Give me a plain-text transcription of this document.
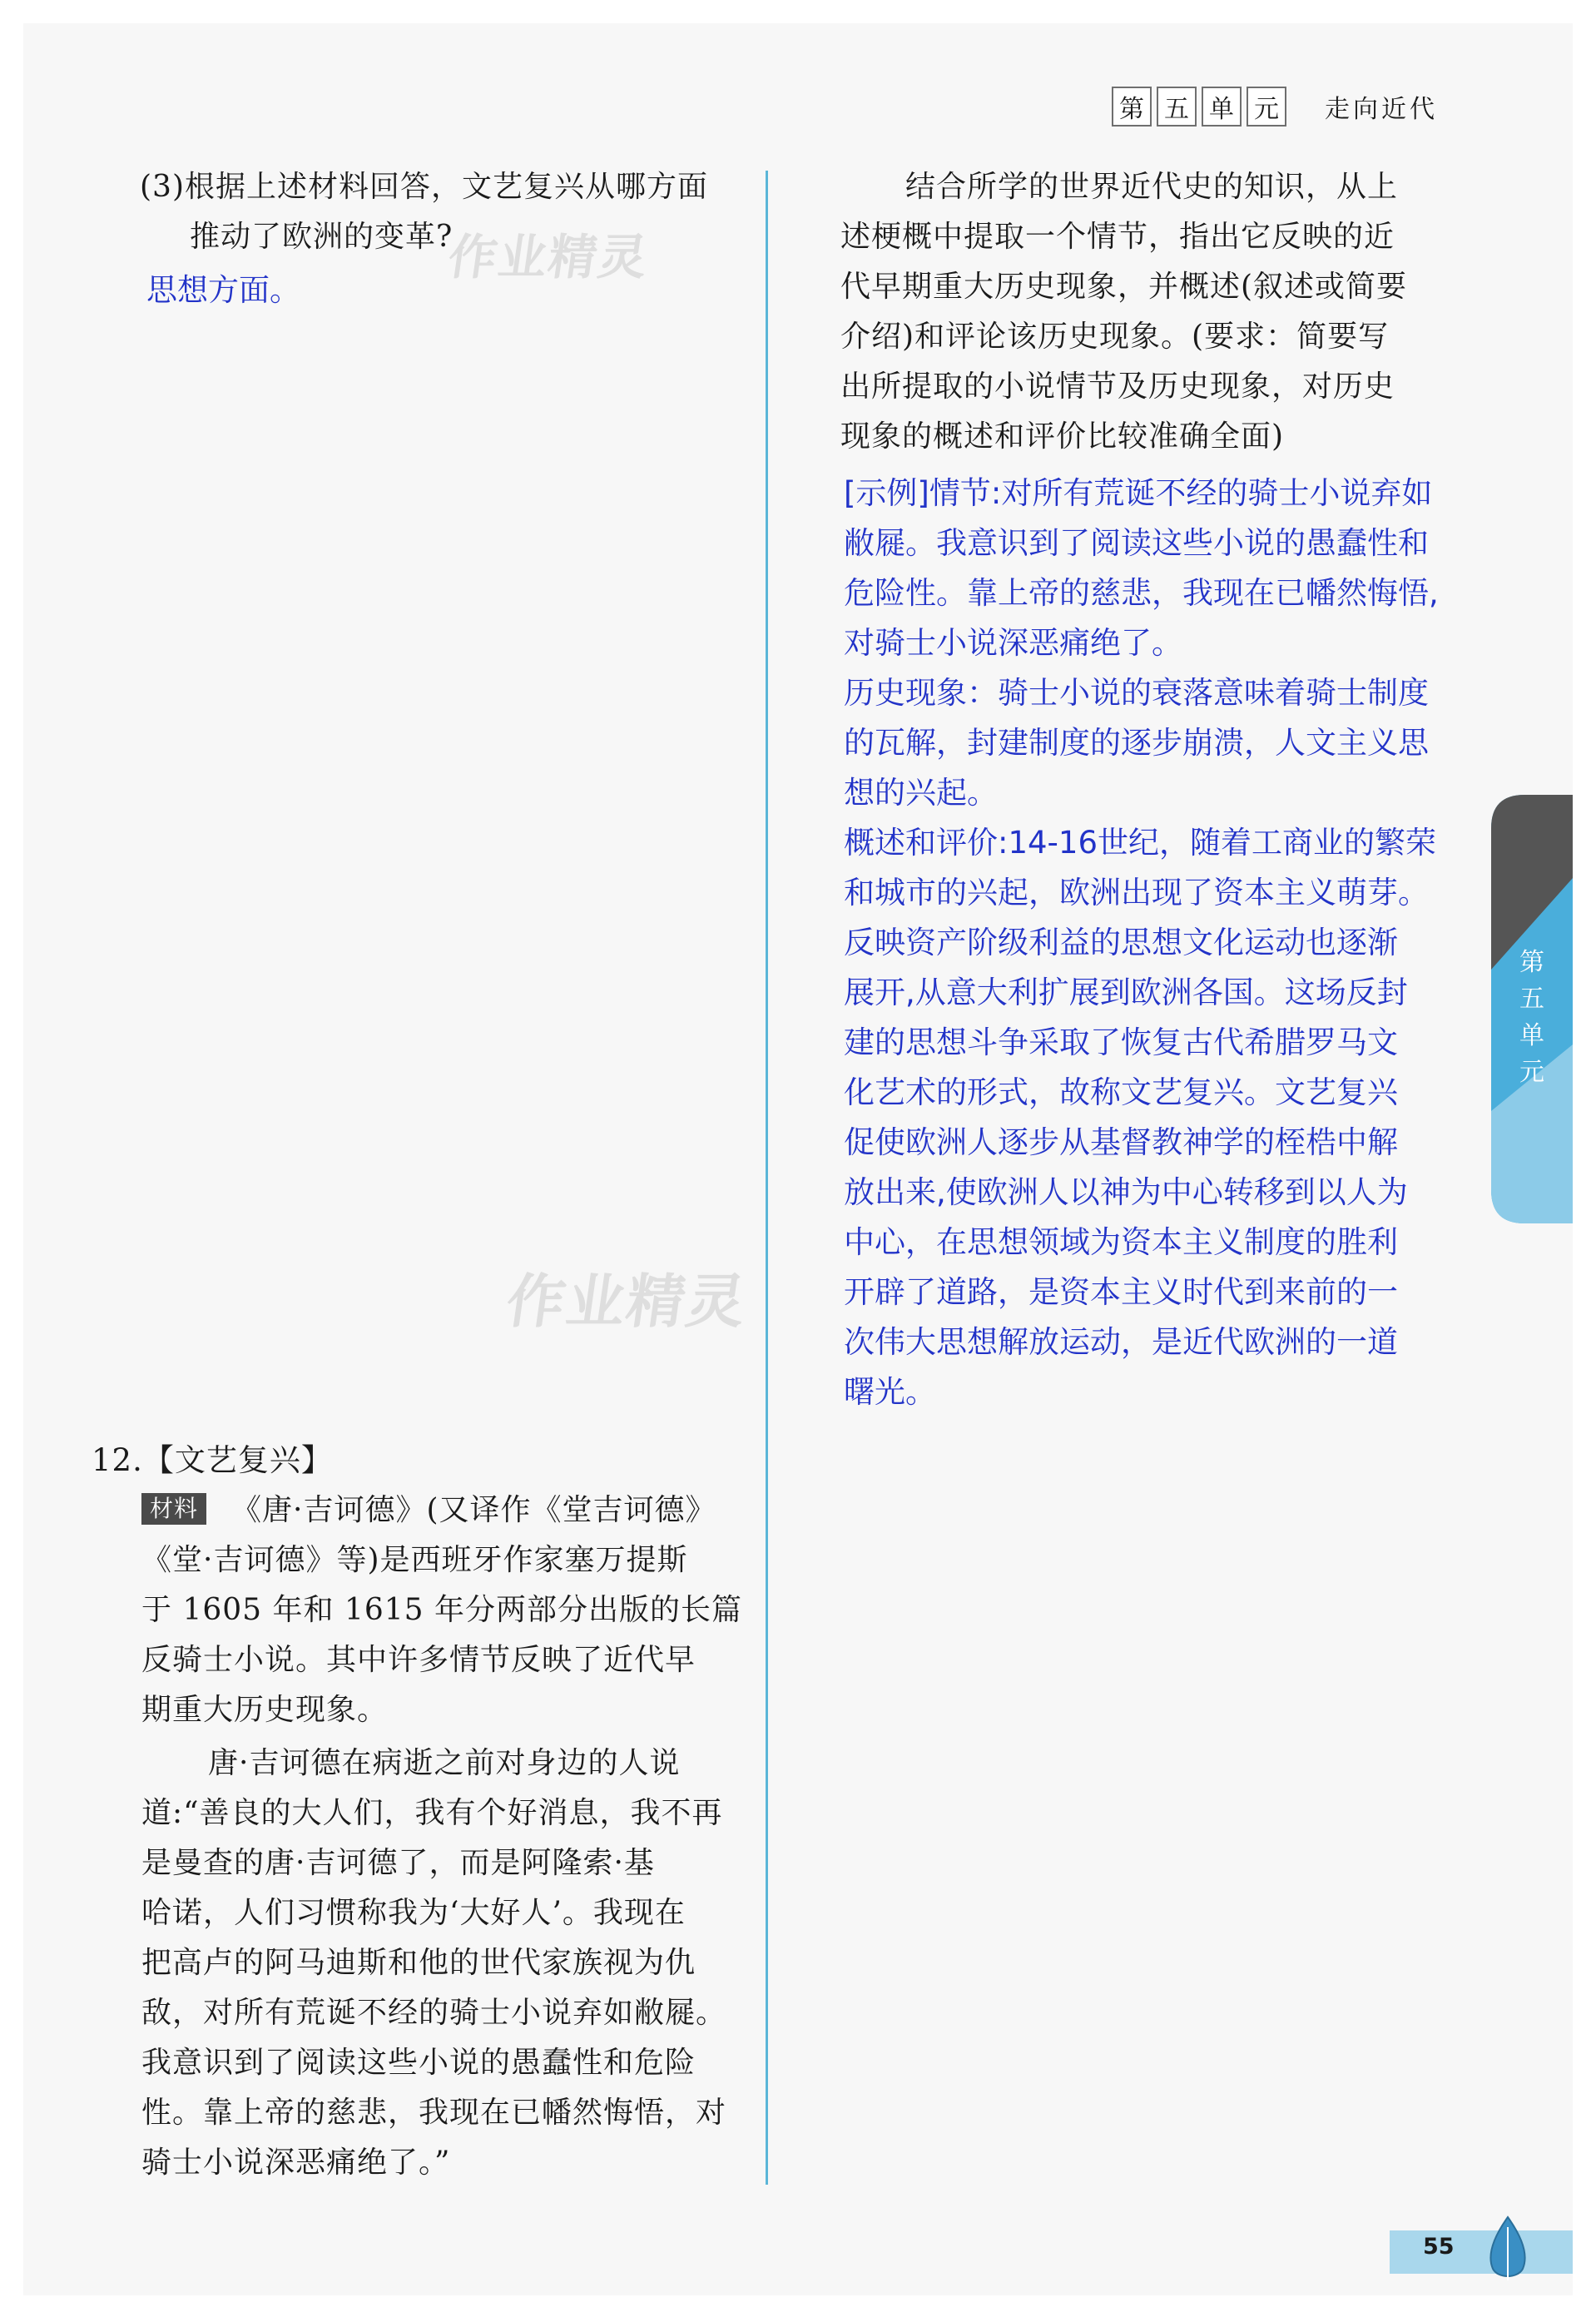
第 五 单 元	走向近代
(3)根据上述材料回答，文艺复兴从哪方面
推动了欧洲的变革?
思想方面。
作业精灵
作业精灵
12.【文艺复兴】
材料 《唐·吉诃德》(又译作《堂吉诃德》
《堂·吉诃德》等)是西班牙作家塞万提斯
于 1605 年和 1615 年分两部分出版的长篇
反骑士小说。其中许多情节反映了近代早
期重大历史现象。
唐·吉诃德在病逝之前对身边的人说
道:“善良的大人们，我有个好消息，我不再
是曼查的唐·吉诃德了，而是阿隆索·基
哈诺，人们习惯称我为‘大好人’。我现在
把高卢的阿马迪斯和他的世代家族视为仇
敌，对所有荒诞不经的骑士小说弃如敝屣。
我意识到了阅读这些小说的愚蠢性和危险
性。靠上帝的慈悲，我现在已幡然悔悟，对
骑士小说深恶痛绝了。”
结合所学的世界近代史的知识，从上
述梗概中提取一个情节，指出它反映的近
代早期重大历史现象，并概述(叙述或简要
介绍)和评论该历史现象。(要求：简要写
出所提取的小说情节及历史现象，对历史
现象的概述和评价比较准确全面)
[示例]情节:对所有荒诞不经的骑士小说弃如
敝屣。我意识到了阅读这些小说的愚蠢性和
危险性。靠上帝的慈悲，我现在已幡然悔悟,
对骑士小说深恶痛绝了。
历史现象：骑士小说的衰落意味着骑士制度
的瓦解，封建制度的逐步崩溃，人文主义思
想的兴起。
概述和评价:14-16世纪，随着工商业的繁荣
和城市的兴起，欧洲出现了资本主义萌芽。
反映资产阶级利益的思想文化运动也逐渐
展开,从意大利扩展到欧洲各国。这场反封
建的思想斗争采取了恢复古代希腊罗马文
化艺术的形式，故称文艺复兴。文艺复兴
促使欧洲人逐步从基督教神学的桎梏中解
放出来,使欧洲人以神为中心转移到以人为
中心，在思想领域为资本主义制度的胜利
开辟了道路，是资本主义时代到来前的一
次伟大思想解放运动，是近代欧洲的一道
曙光。
第
五
单
元
55
